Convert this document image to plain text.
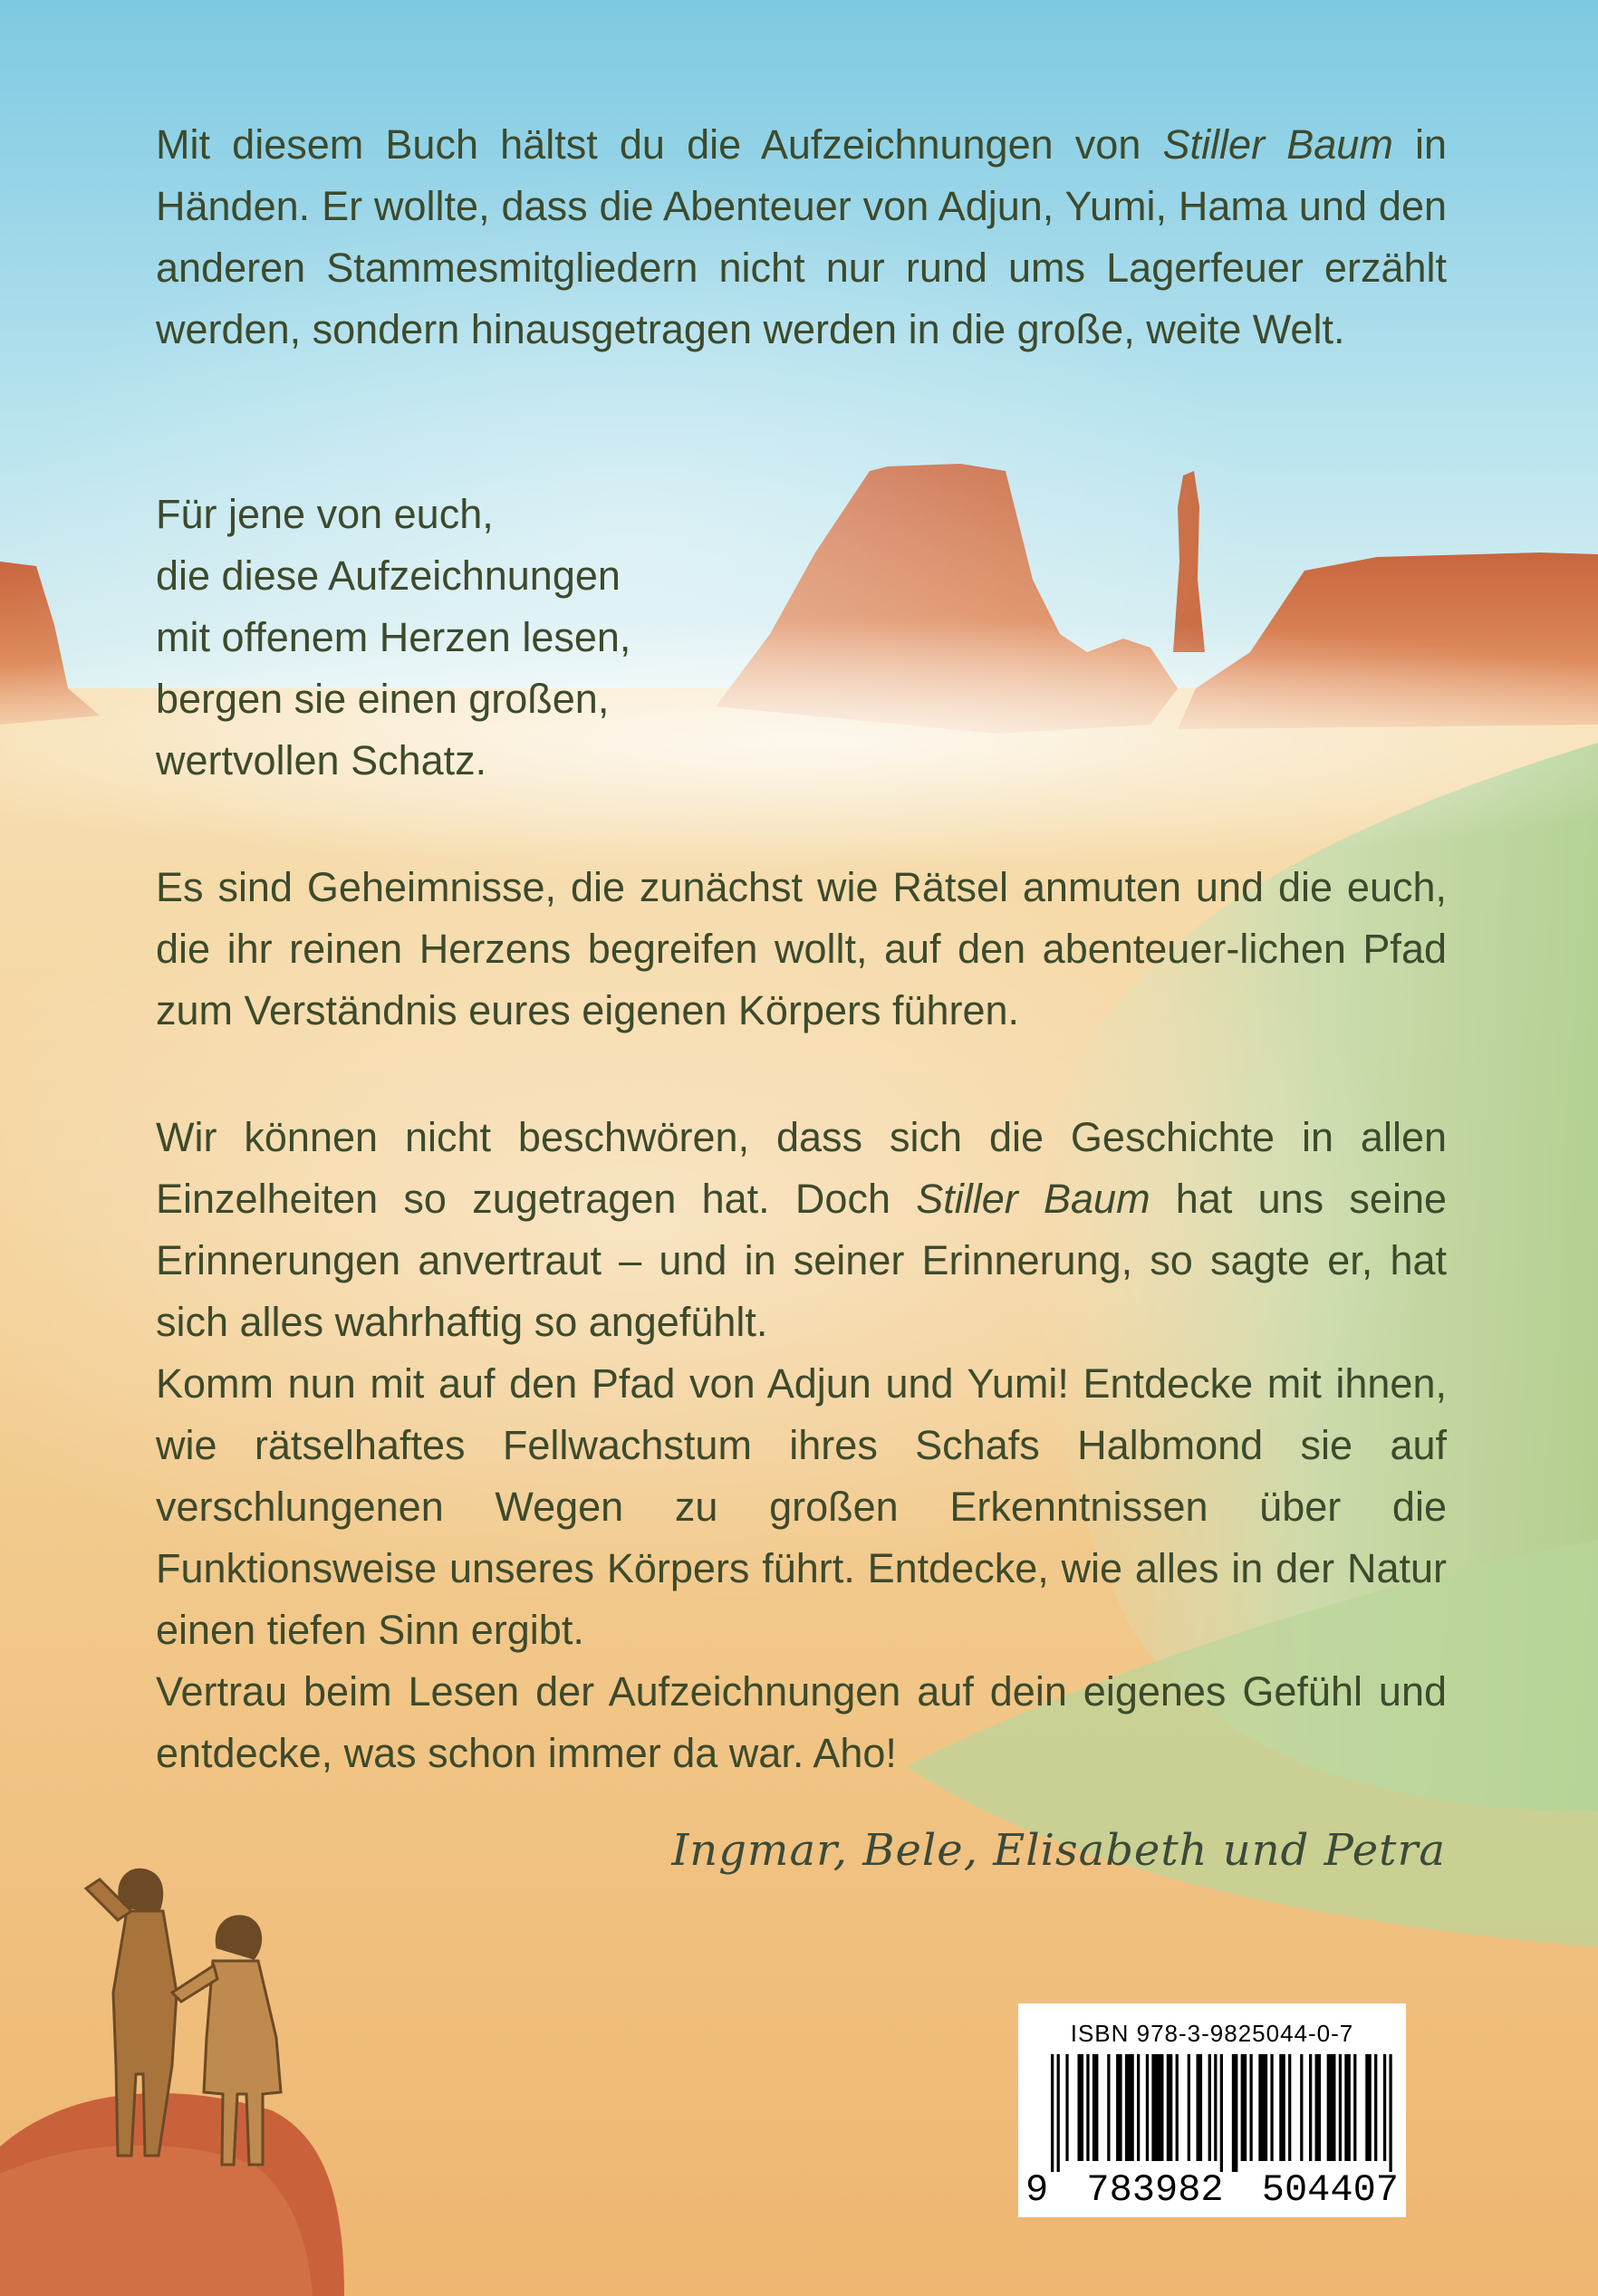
Mit diesem Buch hältst du die Aufzeichnungen von Stiller Baum in Händen. Er wollte, dass die Abenteuer von Adjun, Yumi, Hama und den anderen Stammesmitgliedern nicht nur rund ums Lagerfeuer erzählt werden, sondern hinausgetragen werden in die große, weite Welt.

Für jene von euch,
die diese Aufzeichnungen
mit offenem Herzen lesen,
bergen sie einen großen,
wertvollen Schatz.

Es sind Geheimnisse, die zunächst wie Rätsel anmuten und die euch, die ihr reinen Herzens begreifen wollt, auf den abenteuer-lichen Pfad zum Verständnis eures eigenen Körpers führen.

Wir können nicht beschwören, dass sich die Geschichte in allen Einzelheiten so zugetragen hat. Doch Stiller Baum hat uns seine Erinnerungen anvertraut – und in seiner Erinnerung, so sagte er, hat sich alles wahrhaftig so angefühlt.

Komm nun mit auf den Pfad von Adjun und Yumi! Entdecke mit ihnen, wie rätselhaftes Fellwachstum ihres Schafs Halbmond sie auf verschlungenen Wegen zu großen Erkenntnissen über die Funktionsweise unseres Körpers führt. Entdecke, wie alles in der Natur einen tiefen Sinn ergibt.

Vertrau beim Lesen der Aufzeichnungen auf dein eigenes Gefühl und entdecke, was schon immer da war. Aho!

Ingmar, Bele, Elisabeth und Petra
ISBN 978-3-9825044-0-7
9 783982 504407
